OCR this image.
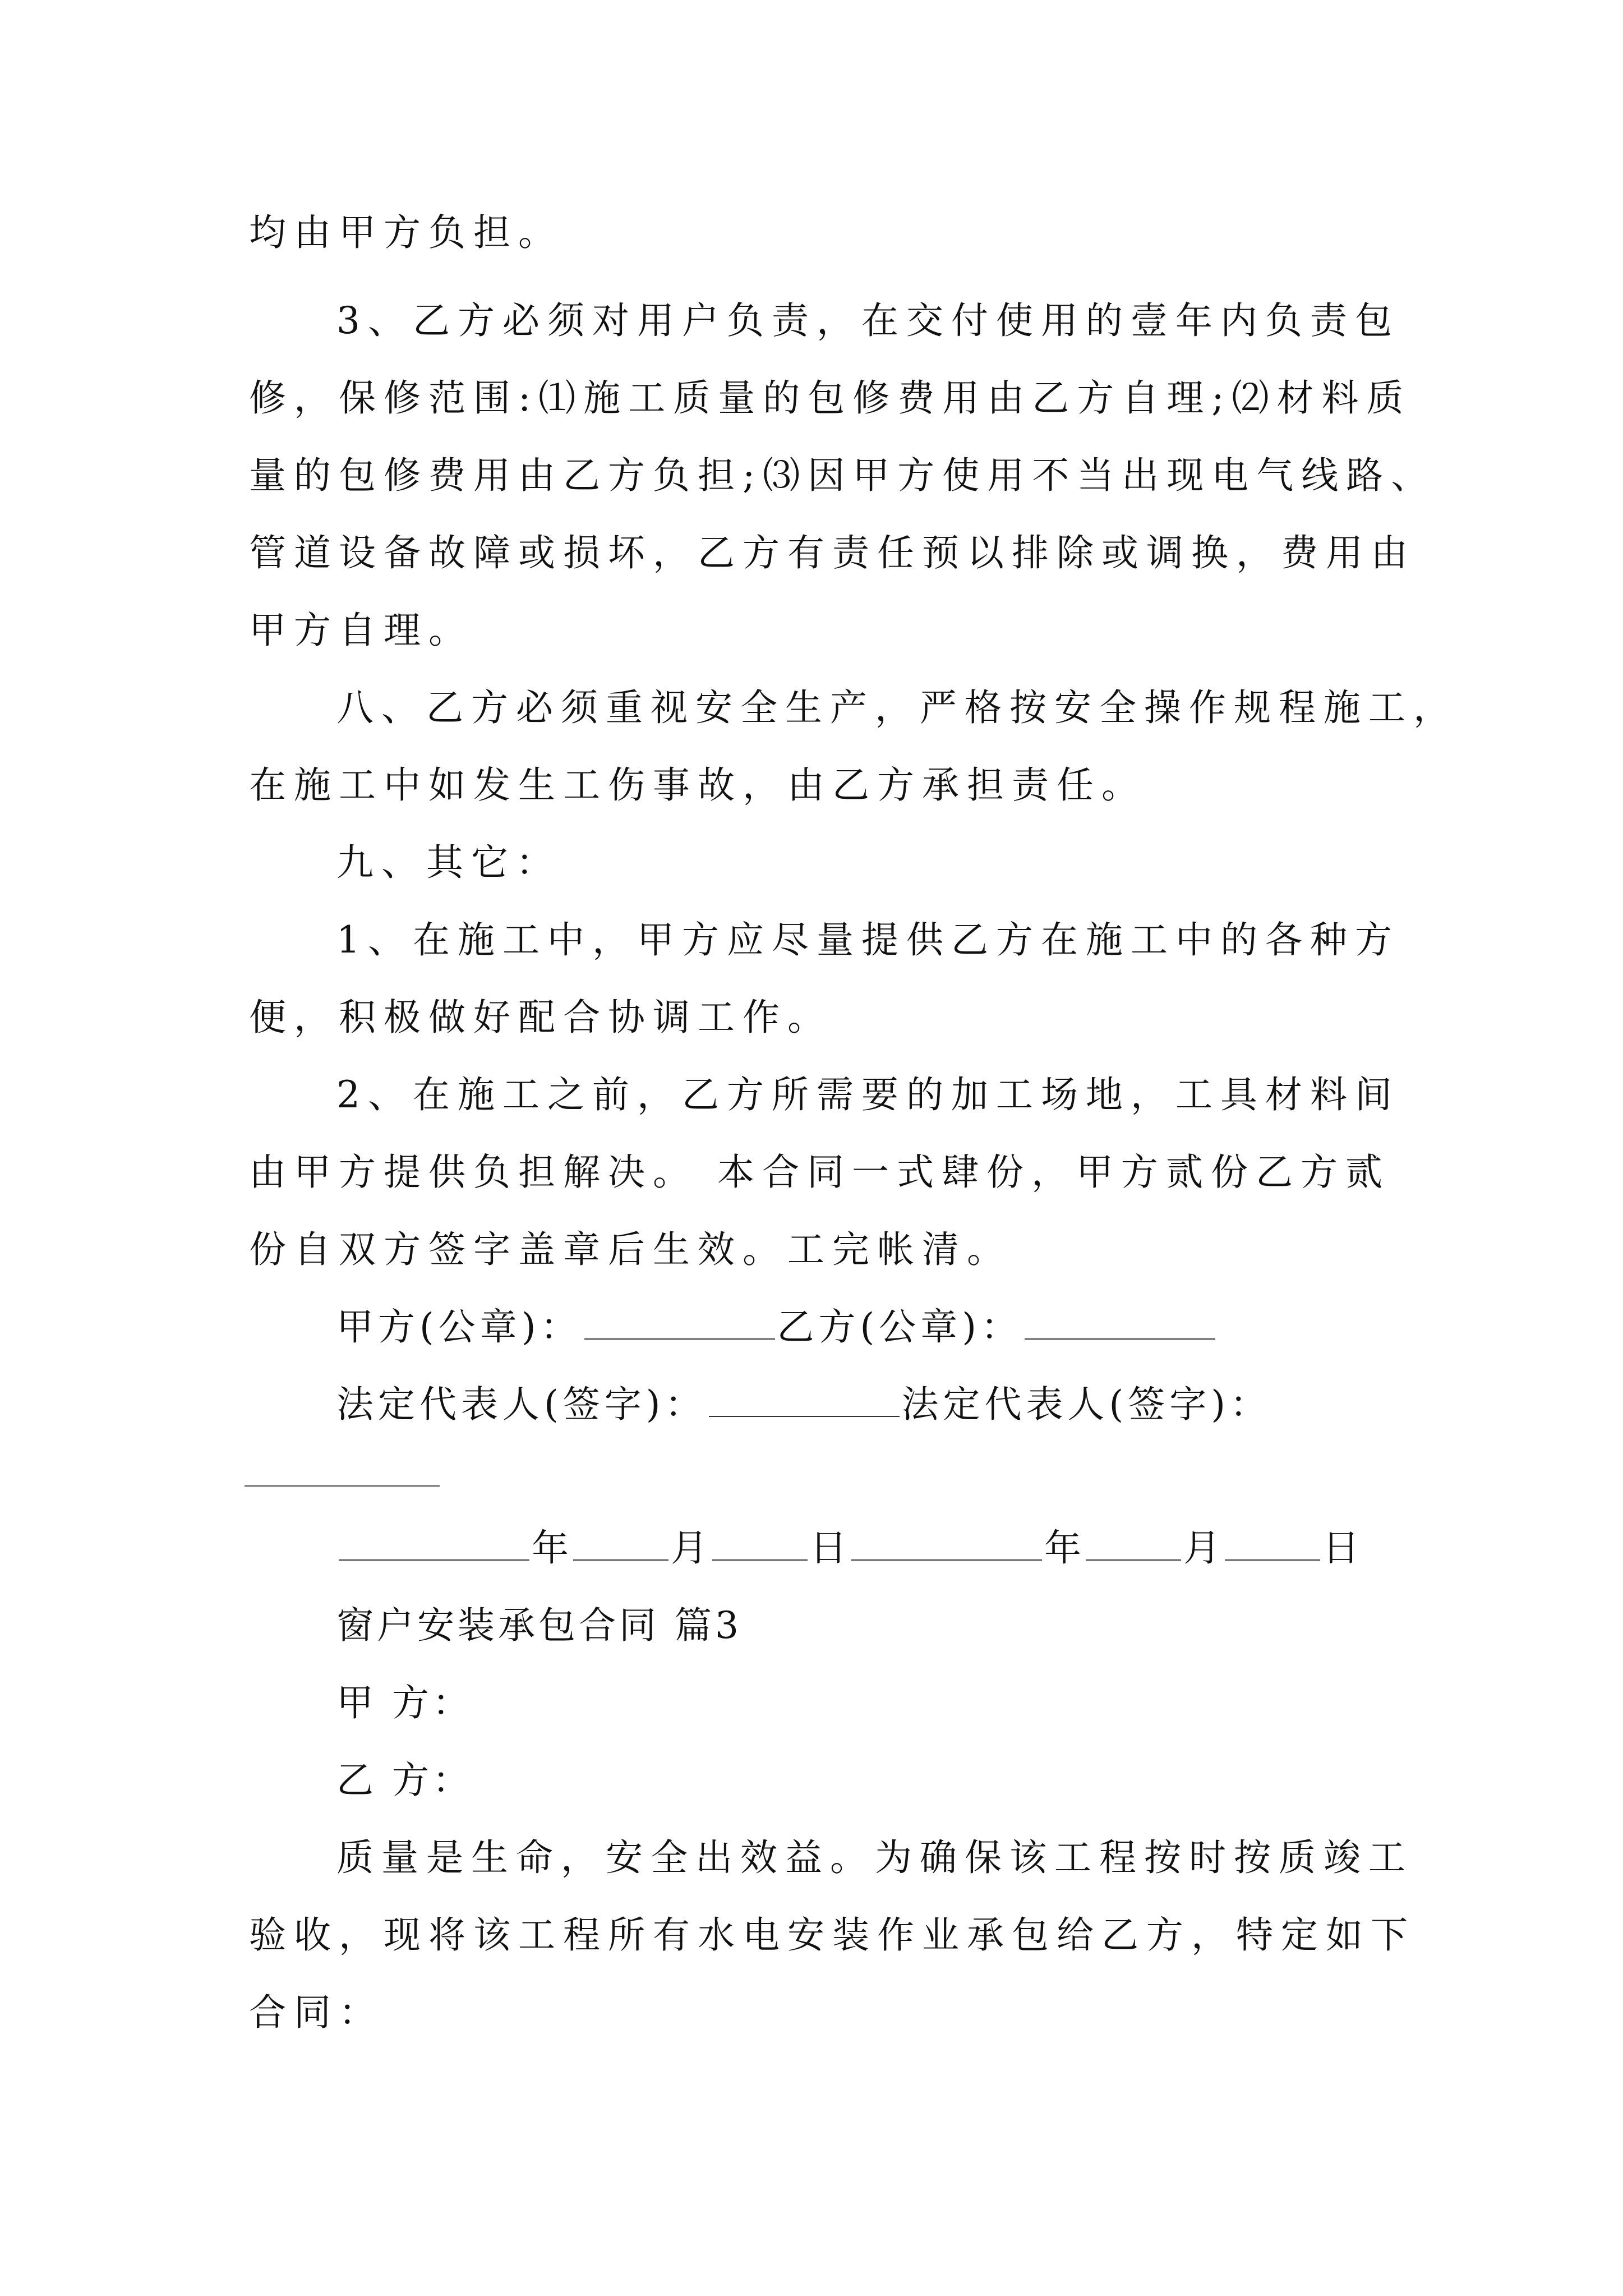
均由甲方负担。
3、乙方必须对用户负责，在交付使用的壹年内负责包
修，保修范围:⑴施工质量的包修费用由乙方自理;⑵材料质
量的包修费用由乙方负担;⑶因甲方使用不当出现电气线路、
管道设备故障或损坏，乙方有责任预以排除或调换，费用由
甲方自理。
八、乙方必须重视安全生产，严格按安全操作规程施工，
在施工中如发生工伤事故，由乙方承担责任。
九、其它：
1、在施工中，甲方应尽量提供乙方在施工中的各种方
便，积极做好配合协调工作。
2、在施工之前，乙方所需要的加工场地，工具材料间
由甲方提供负担解决。 本合同一式肆份，甲方贰份乙方贰
份自双方签字盖章后生效。工完帐清。
甲方(公章)：	乙方(公章)：
法定代表人(签字)：	法定代表人(签字)：
年	月	日	年	月	日
窗户安装承包合同 篇3
甲 方：
乙 方：
质量是生命，安全出效益。为确保该工程按时按质竣工
验收，现将该工程所有水电安装作业承包给乙方，特定如下
合同：
